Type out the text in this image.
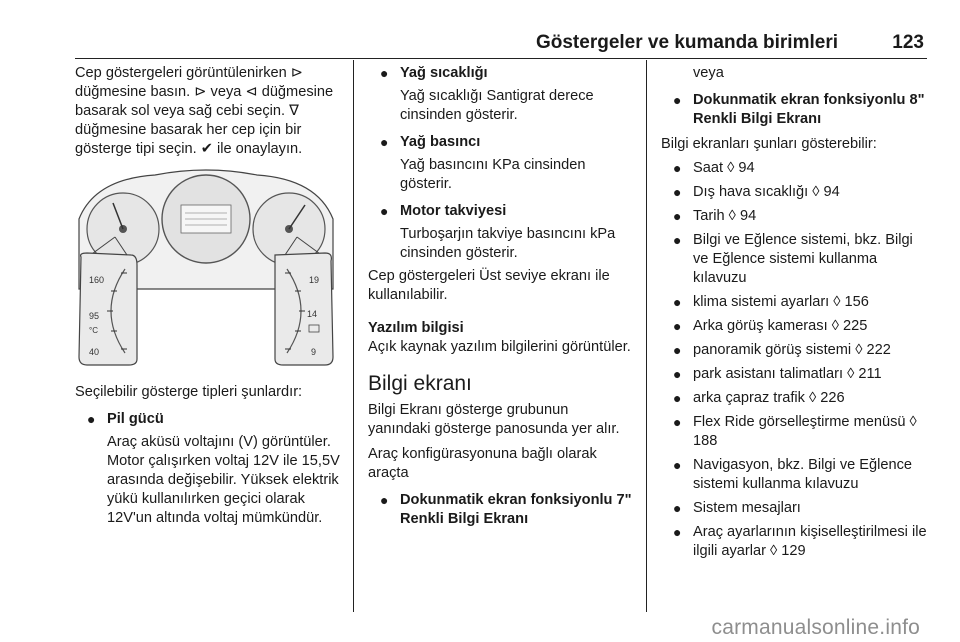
Göstergeler ve kumanda birimleri	123

Cep göstergeleri görüntülenirken ⊳ düğmesine basın. ⊳ veya ⊲ düğmesine basarak sol veya sağ cebi seçin. ∇ düğmesine basarak her cep için bir gösterge tipi seçin. ✔ ile onaylayın.

160
95
°C
40
19
14
9

Seçilebilir gösterge tipleri şunlardır:

● Pil gücü
Araç aküsü voltajını (V) görüntüler. Motor çalışırken voltaj 12V ile 15,5V arasında değişebilir. Yüksek elektrik yükü kullanılırken geçici olarak 12V'un altında voltaj mümkündür.
● Yağ sıcaklığı
Yağ sıcaklığı Santigrat derece cinsinden gösterir.
● Yağ basıncı
Yağ basıncını KPa cinsinden gösterir.
● Motor takviyesi
Turboşarjın takviye basıncını kPa cinsinden gösterir.

Cep göstergeleri Üst seviye ekranı ile kullanılabilir.

Yazılım bilgisi

Açık kaynak yazılım bilgilerini görüntüler.

Bilgi ekranı

Bilgi Ekranı gösterge grubunun yanındaki gösterge panosunda yer alır.

Araç konfigürasyonuna bağlı olarak araçta

● Dokunmatik ekran fonksiyonlu 7" Renkli Bilgi Ekranı

veya

● Dokunmatik ekran fonksiyonlu 8" Renkli Bilgi Ekranı

Bilgi ekranları şunları gösterebilir:

● Saat ◊ 94
● Dış hava sıcaklığı ◊ 94
● Tarih ◊ 94
● Bilgi ve Eğlence sistemi, bkz. Bilgi ve Eğlence sistemi kullanma kılavuzu
● klima sistemi ayarları ◊ 156
● Arka görüş kamerası ◊ 225
● panoramik görüş sistemi ◊ 222
● park asistanı talimatları ◊ 211
● arka çapraz trafik ◊ 226
● Flex Ride görselleştirme menüsü ◊ 188
● Navigasyon, bkz. Bilgi ve Eğlence sistemi kullanma kılavuzu
● Sistem mesajları
● Araç ayarlarının kişiselleştirilmesi ile ilgili ayarlar ◊ 129
carmanualsonline.info
